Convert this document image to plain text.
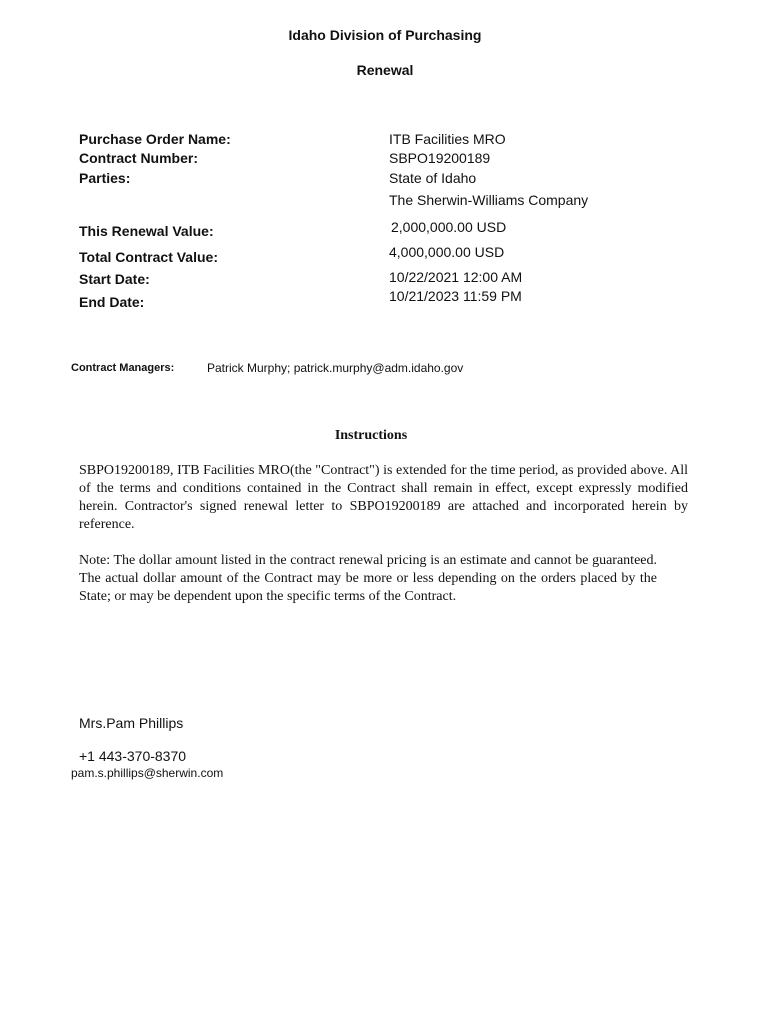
Idaho Division of Purchasing
Renewal
Purchase Order Name:	ITB Facilities MRO
Contract Number:	SBPO19200189
Parties:	State of Idaho
The Sherwin-Williams Company
This Renewal Value:	2,000,000.00 USD
Total Contract Value:	4,000,000.00 USD
Start Date:	10/22/2021 12:00 AM
End Date:	10/21/2023 11:59 PM
Contract Managers:	Patrick Murphy; patrick.murphy@adm.idaho.gov
Instructions

SBPO19200189, ITB Facilities MRO(the "Contract") is extended for the time period, as provided above. All of the terms and conditions contained in the Contract shall remain in effect, except expressly modified herein. Contractor's signed renewal letter to SBPO19200189 are attached and incorporated herein by reference.

Note: The dollar amount listed in the contract renewal pricing is an estimate and cannot be guaranteed. The actual dollar amount of the Contract may be more or less depending on the orders placed by the State; or may be dependent upon the specific terms of the Contract.

Mrs.Pam Phillips
+1 443-370-8370
pam.s.phillips@sherwin.com
